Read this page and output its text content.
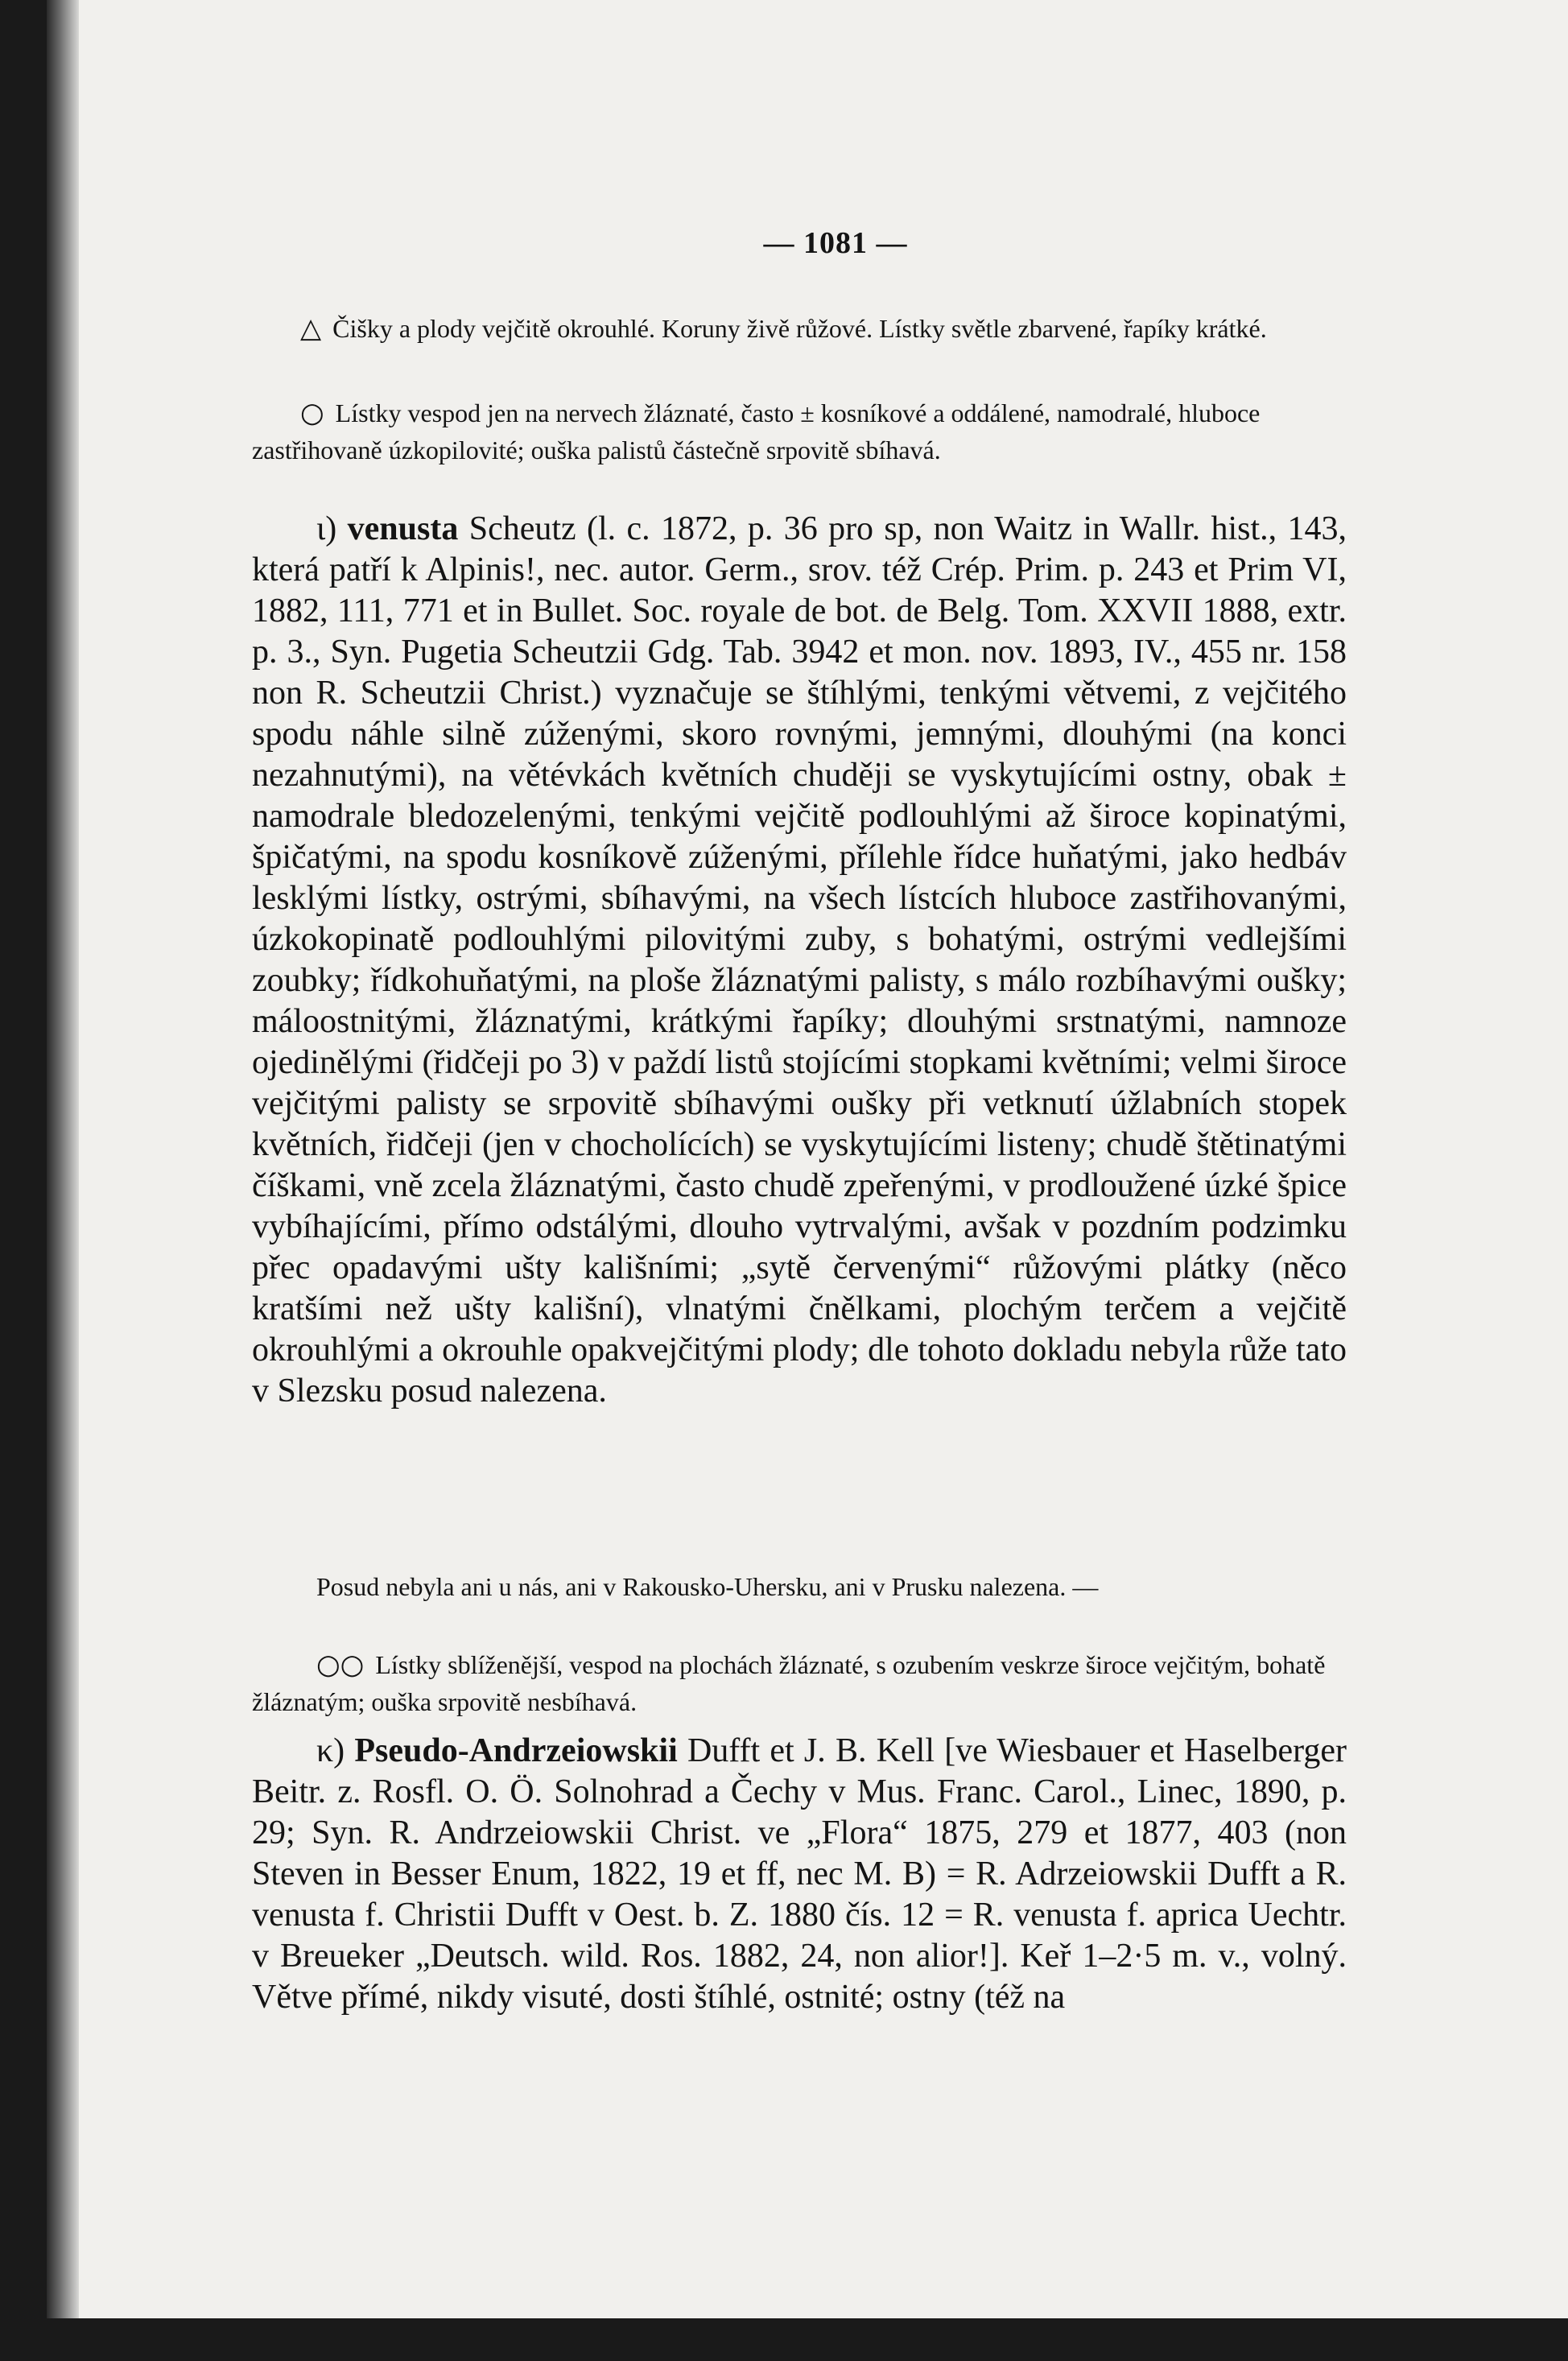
— 1081 —

△ Čišky a plody vejčitě okrouhlé. Koruny živě růžové. Lístky světle zbarvené, řapíky krátké.

○ Lístky vespod jen na nervech žláznaté, často ± kosníkové a oddálené, namodralé, hluboce zastřihovaně úzkopilovité; ouška palistů částečně srpovitě sbíhavá.

ι) venusta Scheutz (l. c. 1872, p. 36 pro sp, non Waitz in Wallr. hist., 143, která patří k Alpinis!, nec. autor. Germ., srov. též Crép. Prim. p. 243 et Prim VI, 1882, 111, 771 et in Bullet. Soc. royale de bot. de Belg. Tom. XXVII 1888, extr. p. 3., Syn. Pugetia Scheutzii Gdg. Tab. 3942 et mon. nov. 1893, IV., 455 nr. 158 non R. Scheutzii Christ.) vyznačuje se štíhlými, tenkými větvemi, z vejčitého spodu náhle silně zúženými, skoro rovnými, jemnými, dlouhými (na konci nezahnutými), na větévkách květních chuději se vyskytujícími ostny, obak ± namodrale bledozelenými, tenkými vejčitě podlouhlými až široce kopinatými, špičatými, na spodu kosníkově zúženými, přílehle řídce huňatými, jako hedbáv lesklými lístky, ostrými, sbíhavými, na všech lístcích hluboce zastřihovanými, úzkokopinatě podlouhlými pilovitými zuby, s bohatými, ostrými vedlejšími zoubky; řídkohuňatými, na ploše žláznatými palisty, s málo rozbíhavými oušky; máloostnitými, žláznatými, krátkými řapíky; dlouhými srstnatými, namnoze ojedinělými (řidčeji po 3) v paždí listů stojícími stopkami květními; velmi široce vejčitými palisty se srpovitě sbíhavými oušky při vetknutí úžlabních stopek květních, řidčeji (jen v chocholících) se vyskytujícími listeny; chudě štětinatými číškami, vně zcela žláznatými, často chudě zpeřenými, v prodloužené úzké špice vybíhajícími, přímo odstálými, dlouho vytrvalými, avšak v pozdním podzimku přec opadavými ušty kališními; „sytě červenými“ růžovými plátky (něco kratšími než ušty kališní), vlnatými čnělkami, plochým terčem a vejčitě okrouhlými a okrouhle opakvejčitými plody; dle tohoto dokladu nebyla růže tato v Slezsku posud nalezena.

Posud nebyla ani u nás, ani v Rakousko-Uhersku, ani v Prusku nalezena. —

○○ Lístky sblíženější, vespod na plochách žláznaté, s ozubením veskrze široce vejčitým, bohatě žláznatým; ouška srpovitě nesbíhavá.

κ) Pseudo-Andrzeiowskii Dufft et J. B. Kell [ve Wiesbauer et Haselberger Beitr. z. Rosfl. O. Ö. Solnohrad a Čechy v Mus. Franc. Carol., Linec, 1890, p. 29; Syn. R. Andrzeiowskii Christ. ve „Flora“ 1875, 279 et 1877, 403 (non Steven in Besser Enum, 1822, 19 et ff, nec M. B) = R. Adrzeiowskii Dufft a R. venusta f. Christii Dufft v Oest. b. Z. 1880 čís. 12 = R. venusta f. aprica Uechtr. v Breueker „Deutsch. wild. Ros. 1882, 24, non alior!]. Keř 1–2·5 m. v., volný. Větve přímé, nikdy visuté, dosti štíhlé, ostnité; ostny (též na
